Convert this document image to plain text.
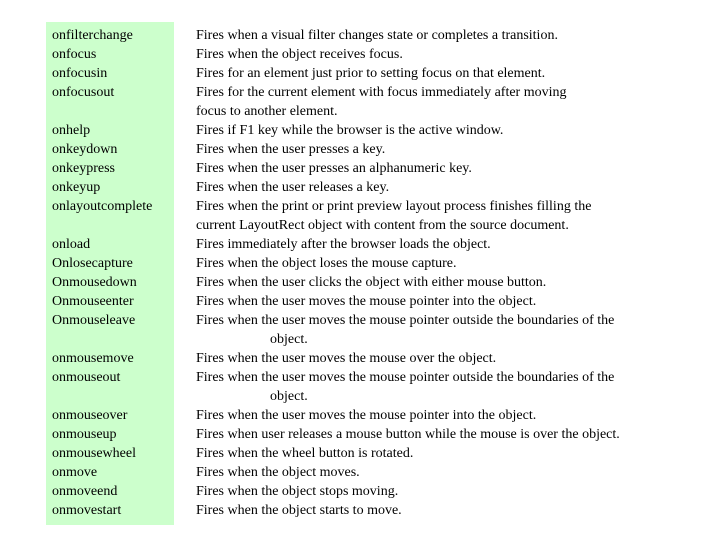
onfilterchange	Fires when a visual filter changes state or completes a transition.
onfocus	Fires when the object receives focus.
onfocusin	Fires for an element just prior to setting focus on that element.
onfocusout	Fires for the current element with focus immediately after moving
focus to another element.
onhelp	Fires if F1 key while the browser is the active window.
onkeydown	Fires when the user presses a key.
onkeypress	Fires when the user presses an alphanumeric key.
onkeyup	Fires when the user releases a key.
onlayoutcomplete	Fires when the print or print preview layout process finishes filling the
current LayoutRect object with content from the source document.
onload	Fires immediately after the browser loads the object.
Onlosecapture	Fires when the object loses the mouse capture.
Onmousedown	Fires when the user clicks the object with either mouse button.
Onmouseenter	Fires when the user moves the mouse pointer into the object.
Onmouseleave	Fires when the user moves the mouse pointer outside the boundaries of the
object.
onmousemove	Fires when the user moves the mouse over the object.
onmouseout	Fires when the user moves the mouse pointer outside the boundaries of the
object.
onmouseover	Fires when the user moves the mouse pointer into the object.
onmouseup	Fires when user releases a mouse button while the mouse is over the object.
onmousewheel	Fires when the wheel button is rotated.
onmove	Fires when the object moves.
onmoveend	Fires when the object stops moving.
onmovestart	Fires when the object starts to move.
